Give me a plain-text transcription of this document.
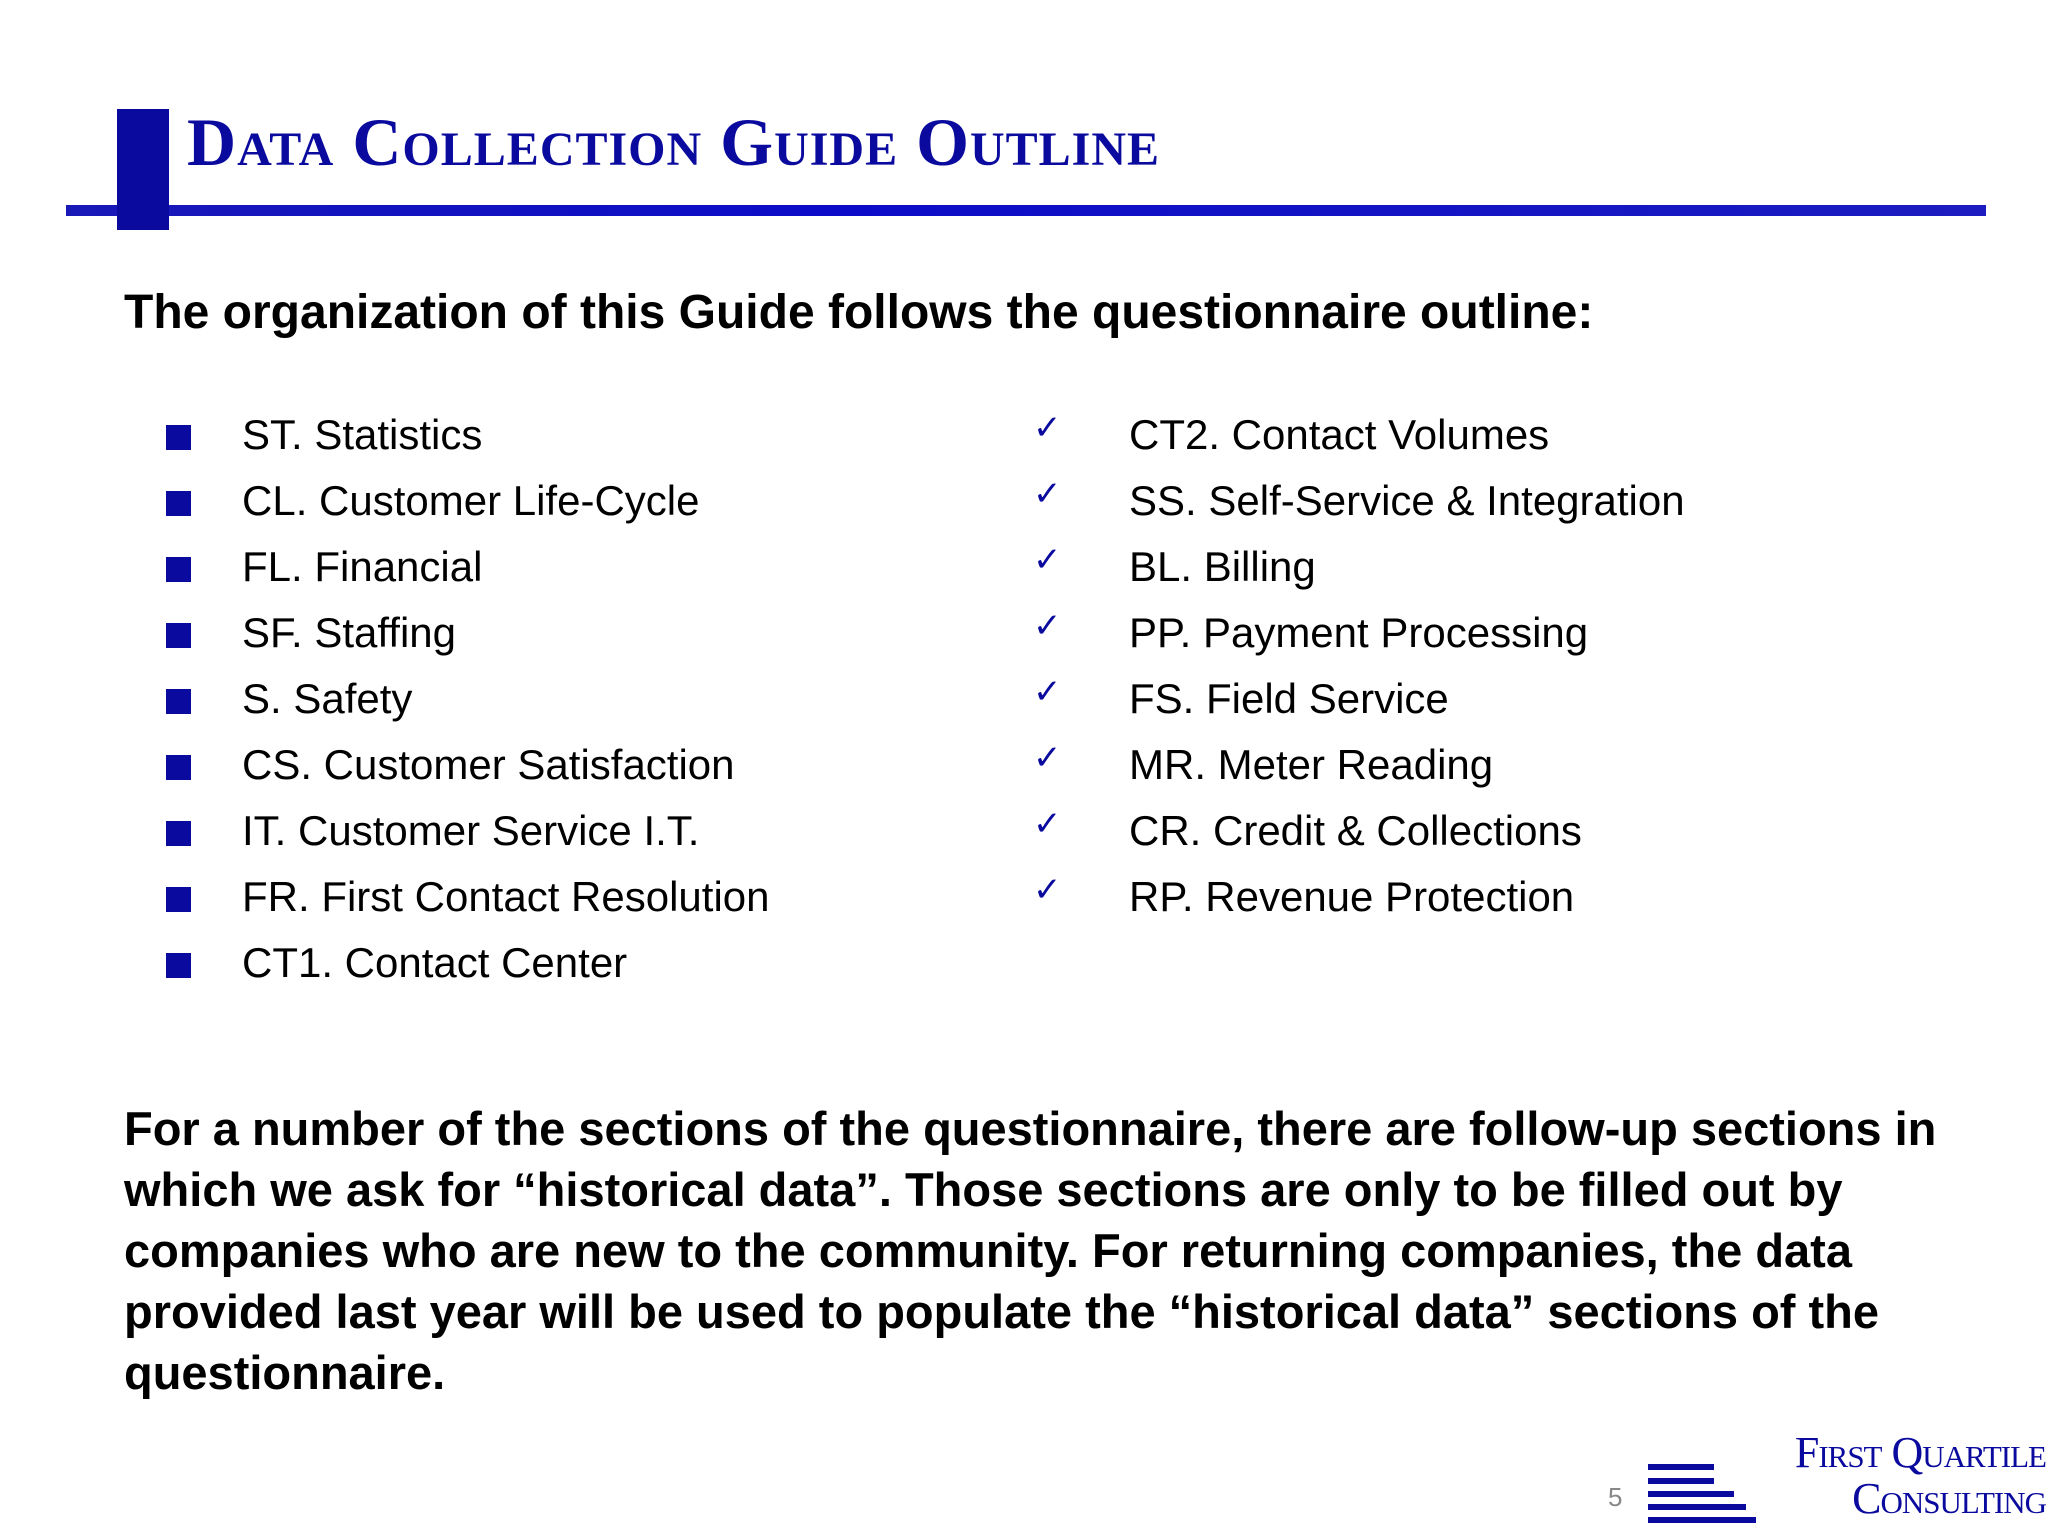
Data Collection Guide Outline
The organization of this Guide follows the questionnaire outline:
ST. Statistics
CL. Customer Life-Cycle
FL. Financial
SF. Staffing
S. Safety
CS. Customer Satisfaction
IT. Customer Service I.T.
FR. First Contact Resolution
CT1. Contact Center
✓ CT2. Contact Volumes
✓ SS. Self-Service & Integration
✓ BL. Billing
✓ PP. Payment Processing
✓ FS. Field Service
✓ MR. Meter Reading
✓ CR. Credit & Collections
✓ RP. Revenue Protection

For a number of the sections of the questionnaire, there are follow-up sections in which we ask for “historical data”. Those sections are only to be filled out by companies who are new to the community. For returning companies, the data provided last year will be used to populate the “historical data” sections of the questionnaire.

5
First Quartile
Consulting
